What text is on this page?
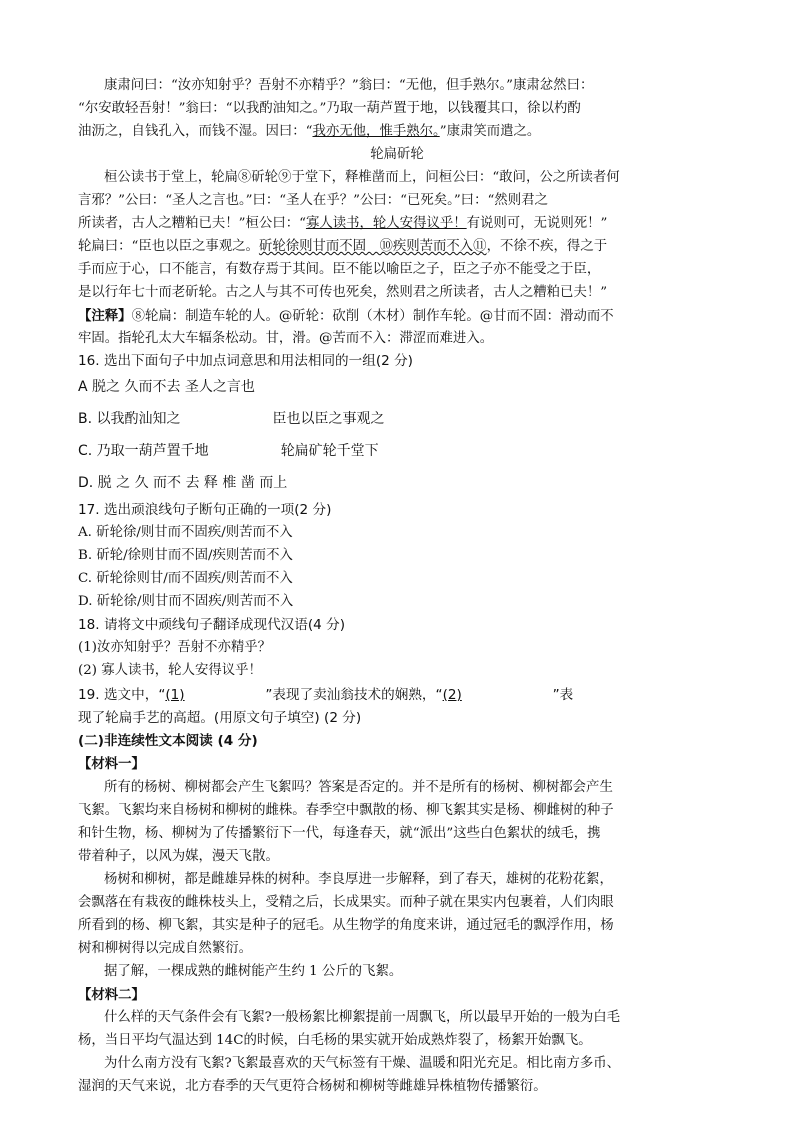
康肃问曰：“汝亦知射乎？吾射不亦精乎？”翁曰：“无他，但手熟尔。”康肃忿然曰：
“尔安敢轻吾射！”翁曰：“以我酌油知之。”乃取一葫芦置于地，以钱覆其口，徐以杓酌
油沥之，自钱孔入，而钱不湿。因曰：“我亦无他，惟手熟尔。”康肃笑而遣之。
轮扁斫轮
桓公读书于堂上，轮扁⑧斫轮⑨于堂下，释椎凿而上，问桓公曰：“敢问，公之所读者何
言邪？”公曰：“圣人之言也。”曰：“圣人在乎？”公曰：“已死矣。”曰：“然则君之
所读者，古人之糟粕已夫！”桓公曰：“寡人读书，轮人安得议乎！有说则可，无说则死！”
轮扁曰：“臣也以臣之事观之。斫轮徐则甘而不固　⑩疾则苦而不入⑪，不徐不疾，得之于
手而应于心，口不能言，有数存焉于其间。臣不能以喻臣之子，臣之子亦不能受之于臣，
是以行年七十而老斫轮。古之人与其不可传也死矣，然则君之所读者，古人之糟粕已夫！”
【注释】⑧轮扁：制造车轮的人。@斫轮：砍削（木材）制作车轮。@甘而不固：滑动而不
牢固。指轮孔太大车辐条松动。甘，滑。@苦而不入：滞涩而难进入。
16. 选出下面句子中加点词意思和用法相同的一组(2 分)
A 脱之 久而不去 圣人之言也
B. 以我酌汕知之	臣也以臣之事观之
C. 乃取一葫芦置千地	轮扁矿轮千堂下
D. 脱 之 久 而不 去 释 椎 凿 而上
17. 选出顽浪线句子断句正确的一项(2 分)
A. 斫轮徐/则甘而不固疾/则苦而不入
B. 斫轮/徐则甘而不固/疾则苦而不入
C. 斫轮徐则甘/而不固疾/则苦而不入
D. 斫轮徐/则甘而不固疾/则苦而不入
18. 请将文中顽线句子翻译成现代汉语(4 分)
(1)汝亦知射乎？吾射不亦精乎？
(2) 寡人读书，轮人安得议乎！
19. 选文中，“(1)	”表现了卖汕翁技术的娴熟，“(2)	”表
现了轮扁手艺的高超。(用原文句子填空) (2 分)
(二)非连续性文本阅读 (4 分)
【材料一】
所有的杨树、柳树都会产生飞絮吗？答案是否定的。并不是所有的杨树、柳树都会产生
飞絮。飞絮均来自杨树和柳树的雌株。春季空中飘散的杨、柳飞絮其实是杨、柳雌树的种子
和针生物，杨、柳树为了传播繁衍下一代，每逢春天，就“派出”这些白色絮状的绒毛，携
带着种子，以风为媒，漫天飞散。
杨树和柳树，都是雌雄异株的树种。李良厚进一步解释，到了春天，雄树的花粉花絮，
会飘落在有栽夜的雌株枝头上，受精之后，长成果实。而种子就在果实内包裹着，人们肉眼
所看到的杨、柳飞絮，其实是种子的冠毛。从生物学的角度来讲，通过冠毛的飘浮作用，杨
树和柳树得以完成自然繁衍。
据了解，一棵成熟的雌树能产生约 1 公斤的飞絮。
【材料二】
什么样的天气条件会有飞絮?一般杨絮比柳絮提前一周飘飞，所以最早开始的一般为白毛
杨，当日平均气温达到 14C的时候，白毛杨的果实就开始成熟炸裂了，杨絮开始飘飞。
为什么南方没有飞絮?飞絮最喜欢的天气标签有干燥、温暖和阳光充足。相比南方多币、
湿润的天气来说，北方春季的天气更符合杨树和柳树等雌雄异株植物传播繁衍。
